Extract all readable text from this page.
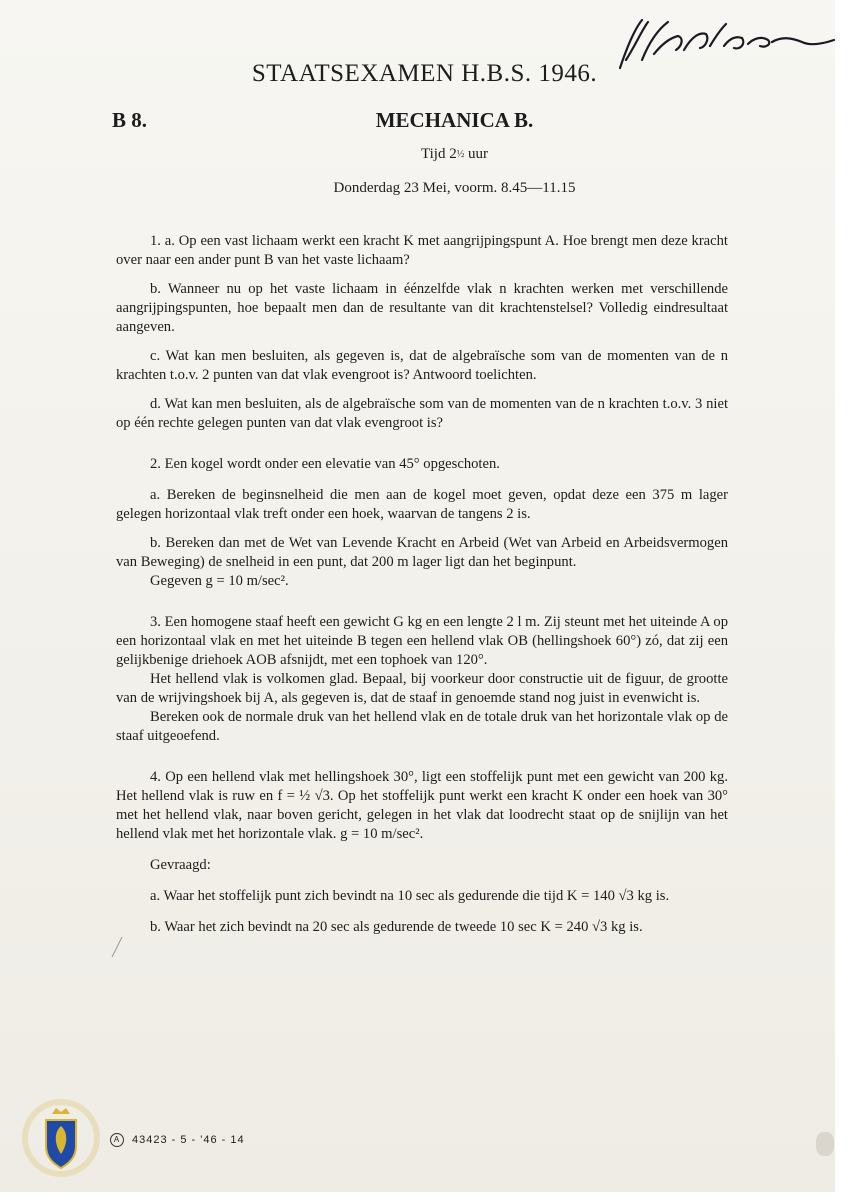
STAATSEXAMEN H.B.S. 1946.
B 8.	MECHANICA B.
Tijd 2½ uur
Donderdag 23 Mei, voorm. 8.45—11.15

1. a. Op een vast lichaam werkt een kracht K met aangrijpingspunt A. Hoe brengt men deze kracht over naar een ander punt B van het vaste lichaam?

b. Wanneer nu op het vaste lichaam in éénzelfde vlak n krachten werken met verschillende aangrijpingspunten, hoe bepaalt men dan de resultante van dit krachtenstelsel? Volledig eindresultaat aangeven.

c. Wat kan men besluiten, als gegeven is, dat de algebraïsche som van de momenten van de n krachten t.o.v. 2 punten van dat vlak evengroot is? Antwoord toelichten.

d. Wat kan men besluiten, als de algebraïsche som van de momenten van de n krachten t.o.v. 3 niet op één rechte gelegen punten van dat vlak evengroot is?

2. Een kogel wordt onder een elevatie van 45° opgeschoten.

a. Bereken de beginsnelheid die men aan de kogel moet geven, opdat deze een 375 m lager gelegen horizontaal vlak treft onder een hoek, waarvan de tangens 2 is.

b. Bereken dan met de Wet van Levende Kracht en Arbeid (Wet van Arbeid en Arbeidsvermogen van Beweging) de snelheid in een punt, dat 200 m lager ligt dan het beginpunt.

Gegeven g = 10 m/sec².

3. Een homogene staaf heeft een gewicht G kg en een lengte 2 l m. Zij steunt met het uiteinde A op een horizontaal vlak en met het uiteinde B tegen een hellend vlak OB (hellingshoek 60°) zó, dat zij een gelijkbenige driehoek AOB afsnijdt, met een tophoek van 120°.

Het hellend vlak is volkomen glad. Bepaal, bij voorkeur door constructie uit de figuur, de grootte van de wrijvingshoek bij A, als gegeven is, dat de staaf in genoemde stand nog juist in evenwicht is.

Bereken ook de normale druk van het hellend vlak en de totale druk van het horizontale vlak op de staaf uitgeoefend.

4. Op een hellend vlak met hellingshoek 30°, ligt een stoffelijk punt met een gewicht van 200 kg. Het hellend vlak is ruw en f = ½ √3. Op het stoffelijk punt werkt een kracht K onder een hoek van 30° met het hellend vlak, naar boven gericht, gelegen in het vlak dat loodrecht staat op de snijlijn van het hellend vlak met het horizontale vlak. g = 10 m/sec².

Gevraagd:

a. Waar het stoffelijk punt zich bevindt na 10 sec als gedurende die tijd K = 140 √3 kg is.

b. Waar het zich bevindt na 20 sec als gedurende de tweede 10 sec K = 240 √3 kg is.

A 43423 - 5 - '46 - 14
